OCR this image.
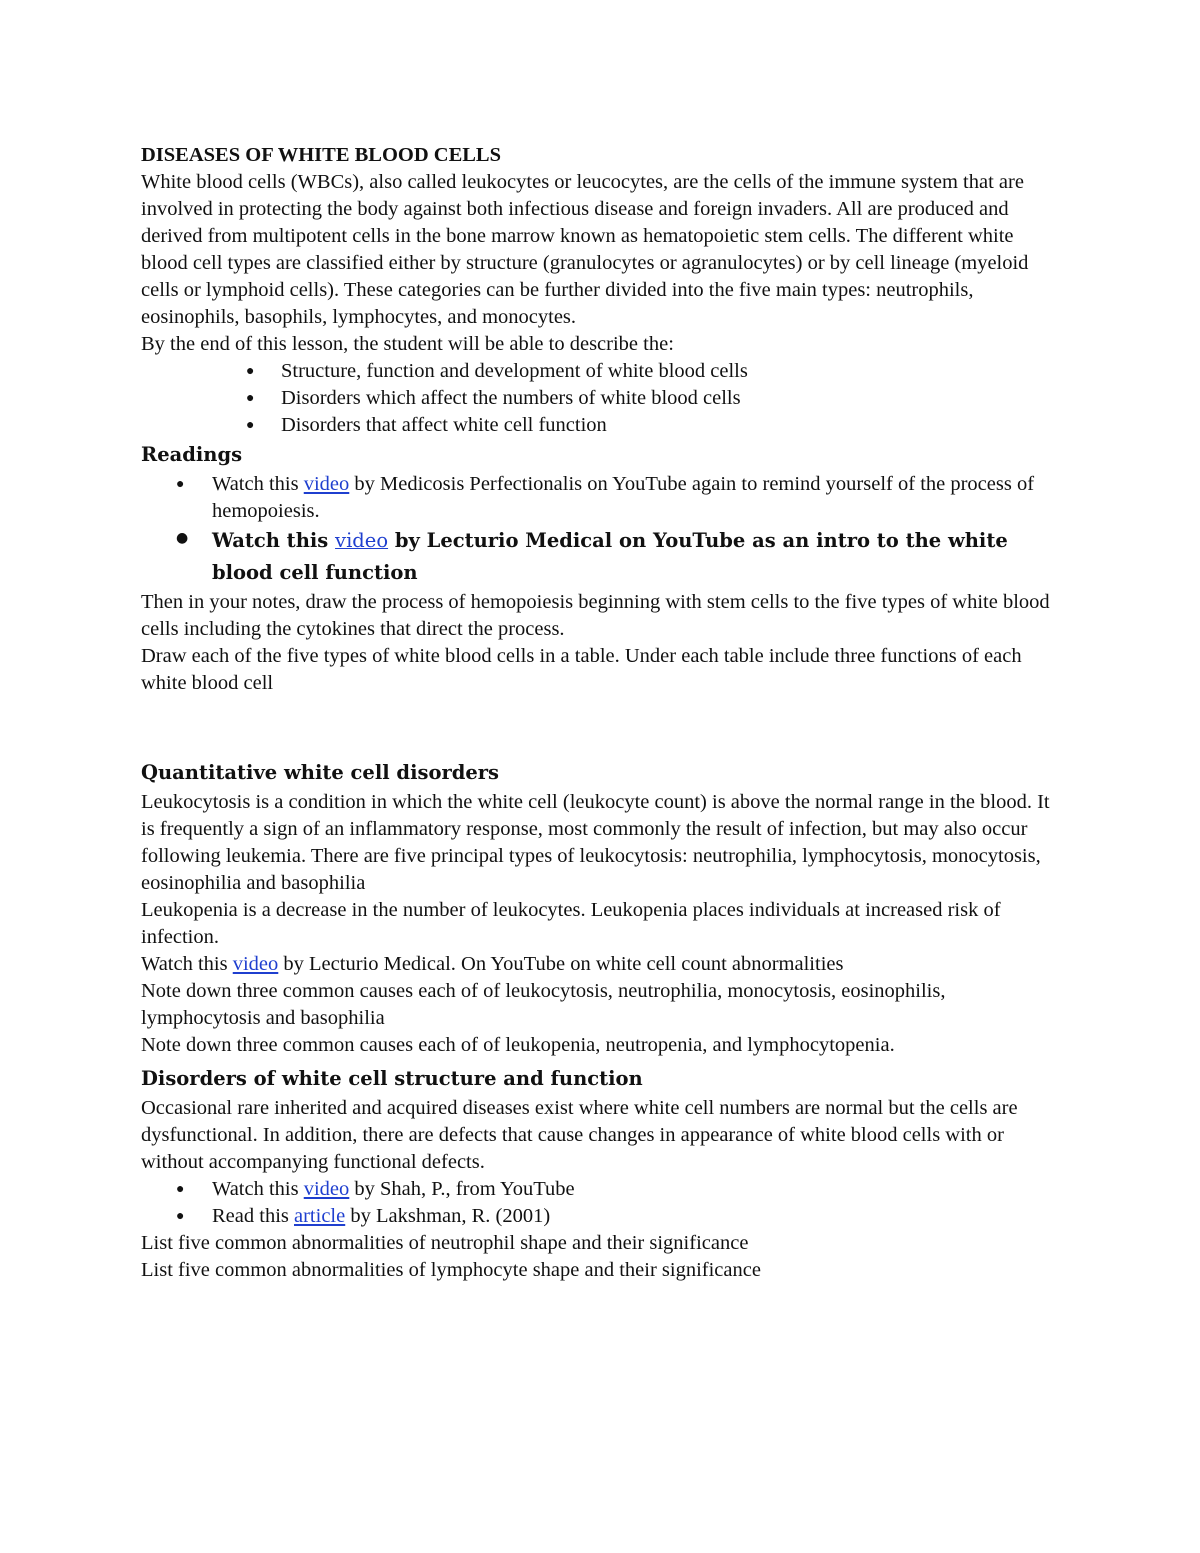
DISEASES OF WHITE BLOOD CELLS

White blood cells (WBCs), also called leukocytes or leucocytes, are the cells of the immune system that are involved in protecting the body against both infectious disease and foreign invaders. All are produced and derived from multipotent cells in the bone marrow known as hematopoietic stem cells. The different white blood cell types are classified either by structure (granulocytes or agranulocytes) or by cell lineage (myeloid cells or lymphoid cells). These categories can be further divided into the five main types: neutrophils, eosinophils, basophils, lymphocytes, and monocytes.

By the end of this lesson, the student will be able to describe the:

● Structure, function and development of white blood cells
● Disorders which affect the numbers of white blood cells
● Disorders that affect white cell function

Readings

● Watch this video by Medicosis Perfectionalis on YouTube again to remind yourself of the process of hemopoiesis.
● Watch this video by Lecturio Medical on YouTube as an intro to the white blood cell function

Then in your notes, draw the process of hemopoiesis beginning with stem cells to the five types of white blood cells including the cytokines that direct the process.

Draw each of the five types of white blood cells in a table. Under each table include three functions of each white blood cell

Quantitative white cell disorders

Leukocytosis is a condition in which the white cell (leukocyte count) is above the normal range in the blood. It is frequently a sign of an inflammatory response, most commonly the result of infection, but may also occur following leukemia. There are five principal types of leukocytosis: neutrophilia, lymphocytosis, monocytosis, eosinophilia and basophilia

Leukopenia is a decrease in the number of leukocytes. Leukopenia places individuals at increased risk of infection.

Watch this video by Lecturio Medical. On YouTube on white cell count abnormalities

Note down three common causes each of of leukocytosis, neutrophilia, monocytosis, eosinophilis, lymphocytosis and basophilia

Note down three common causes each of of leukopenia, neutropenia, and lymphocytopenia.

Disorders of white cell structure and function

Occasional rare inherited and acquired diseases exist where white cell numbers are normal but the cells are dysfunctional. In addition, there are defects that cause changes in appearance of white blood cells with or without accompanying functional defects.

● Watch this video by Shah, P., from YouTube
● Read this article by Lakshman, R. (2001)

List five common abnormalities of neutrophil shape and their significance

List five common abnormalities of lymphocyte shape and their significance
